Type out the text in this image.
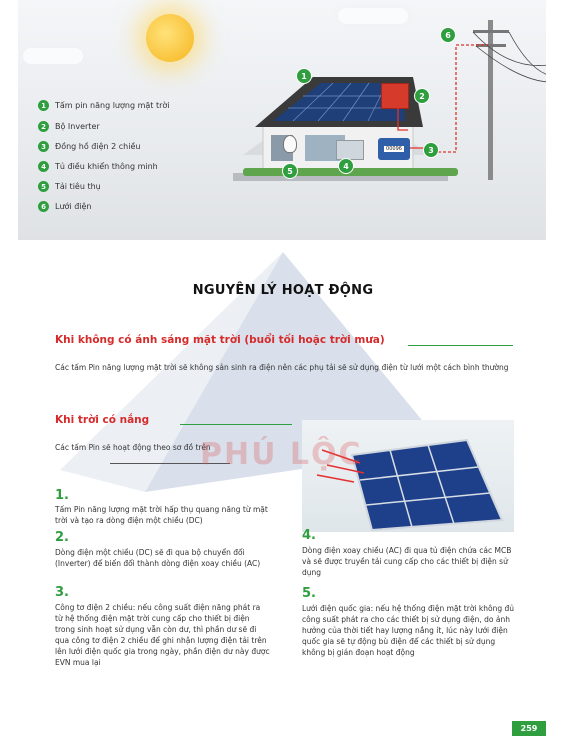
00096
1
2
3
4
5
6
1	Tấm pin năng lượng mặt trời
2	Bộ Inverter
3	Đồng hồ điện 2 chiều
4	Tủ điều khiển thông minh
5	Tải tiêu thụ
6	Lưới điện
NGUYÊN LÝ HOẠT ĐỘNG
Khi không có ánh sáng mặt trời (buổi tối hoặc trời mưa)
Các tấm Pin năng lượng mặt trời sẽ không sản sinh ra điện nên các phụ tải sẽ sử dụng điện từ lưới một cách bình thường
Khi trời có nắng
Các tấm Pin sẽ hoạt động theo sơ đồ trên
PHÚ LỘC
1.
Tấm Pin năng lượng mặt trời hấp thụ quang năng từ mặt trời và tạo ra dòng điện một chiều (DC)
2.
Dòng điện một chiều (DC) sẽ đi qua bộ chuyển đổi (Inverter) để biến đổi thành dòng điện xoay chiều (AC)
3.
Công tơ điện 2 chiều: nếu công suất điện năng phát ra từ hệ thống điện mặt trời cung cấp cho thiết bị điện trong sinh hoạt sử dụng vẫn còn dư, thì phần dư sẽ đi qua công tơ điện 2 chiều để ghi nhận lượng điện tải trên lên lưới điện quốc gia trong ngày, phần điện dư này được EVN mua lại
4.
Dòng điện xoay chiều (AC) đi qua tủ điện chứa các MCB và sẽ được truyền tải cung cấp cho các thiết bị điện sử dụng
5.
Lưới điện quốc gia: nếu hệ thống điện mặt trời không đủ công suất phát ra cho các thiết bị sử dụng điện, do ảnh hưởng của thời tiết hay lượng nắng ít, lúc này lưới điện quốc gia sẽ tự động bù điện để các thiết bị sử dụng không bị gián đoạn hoạt động
259
